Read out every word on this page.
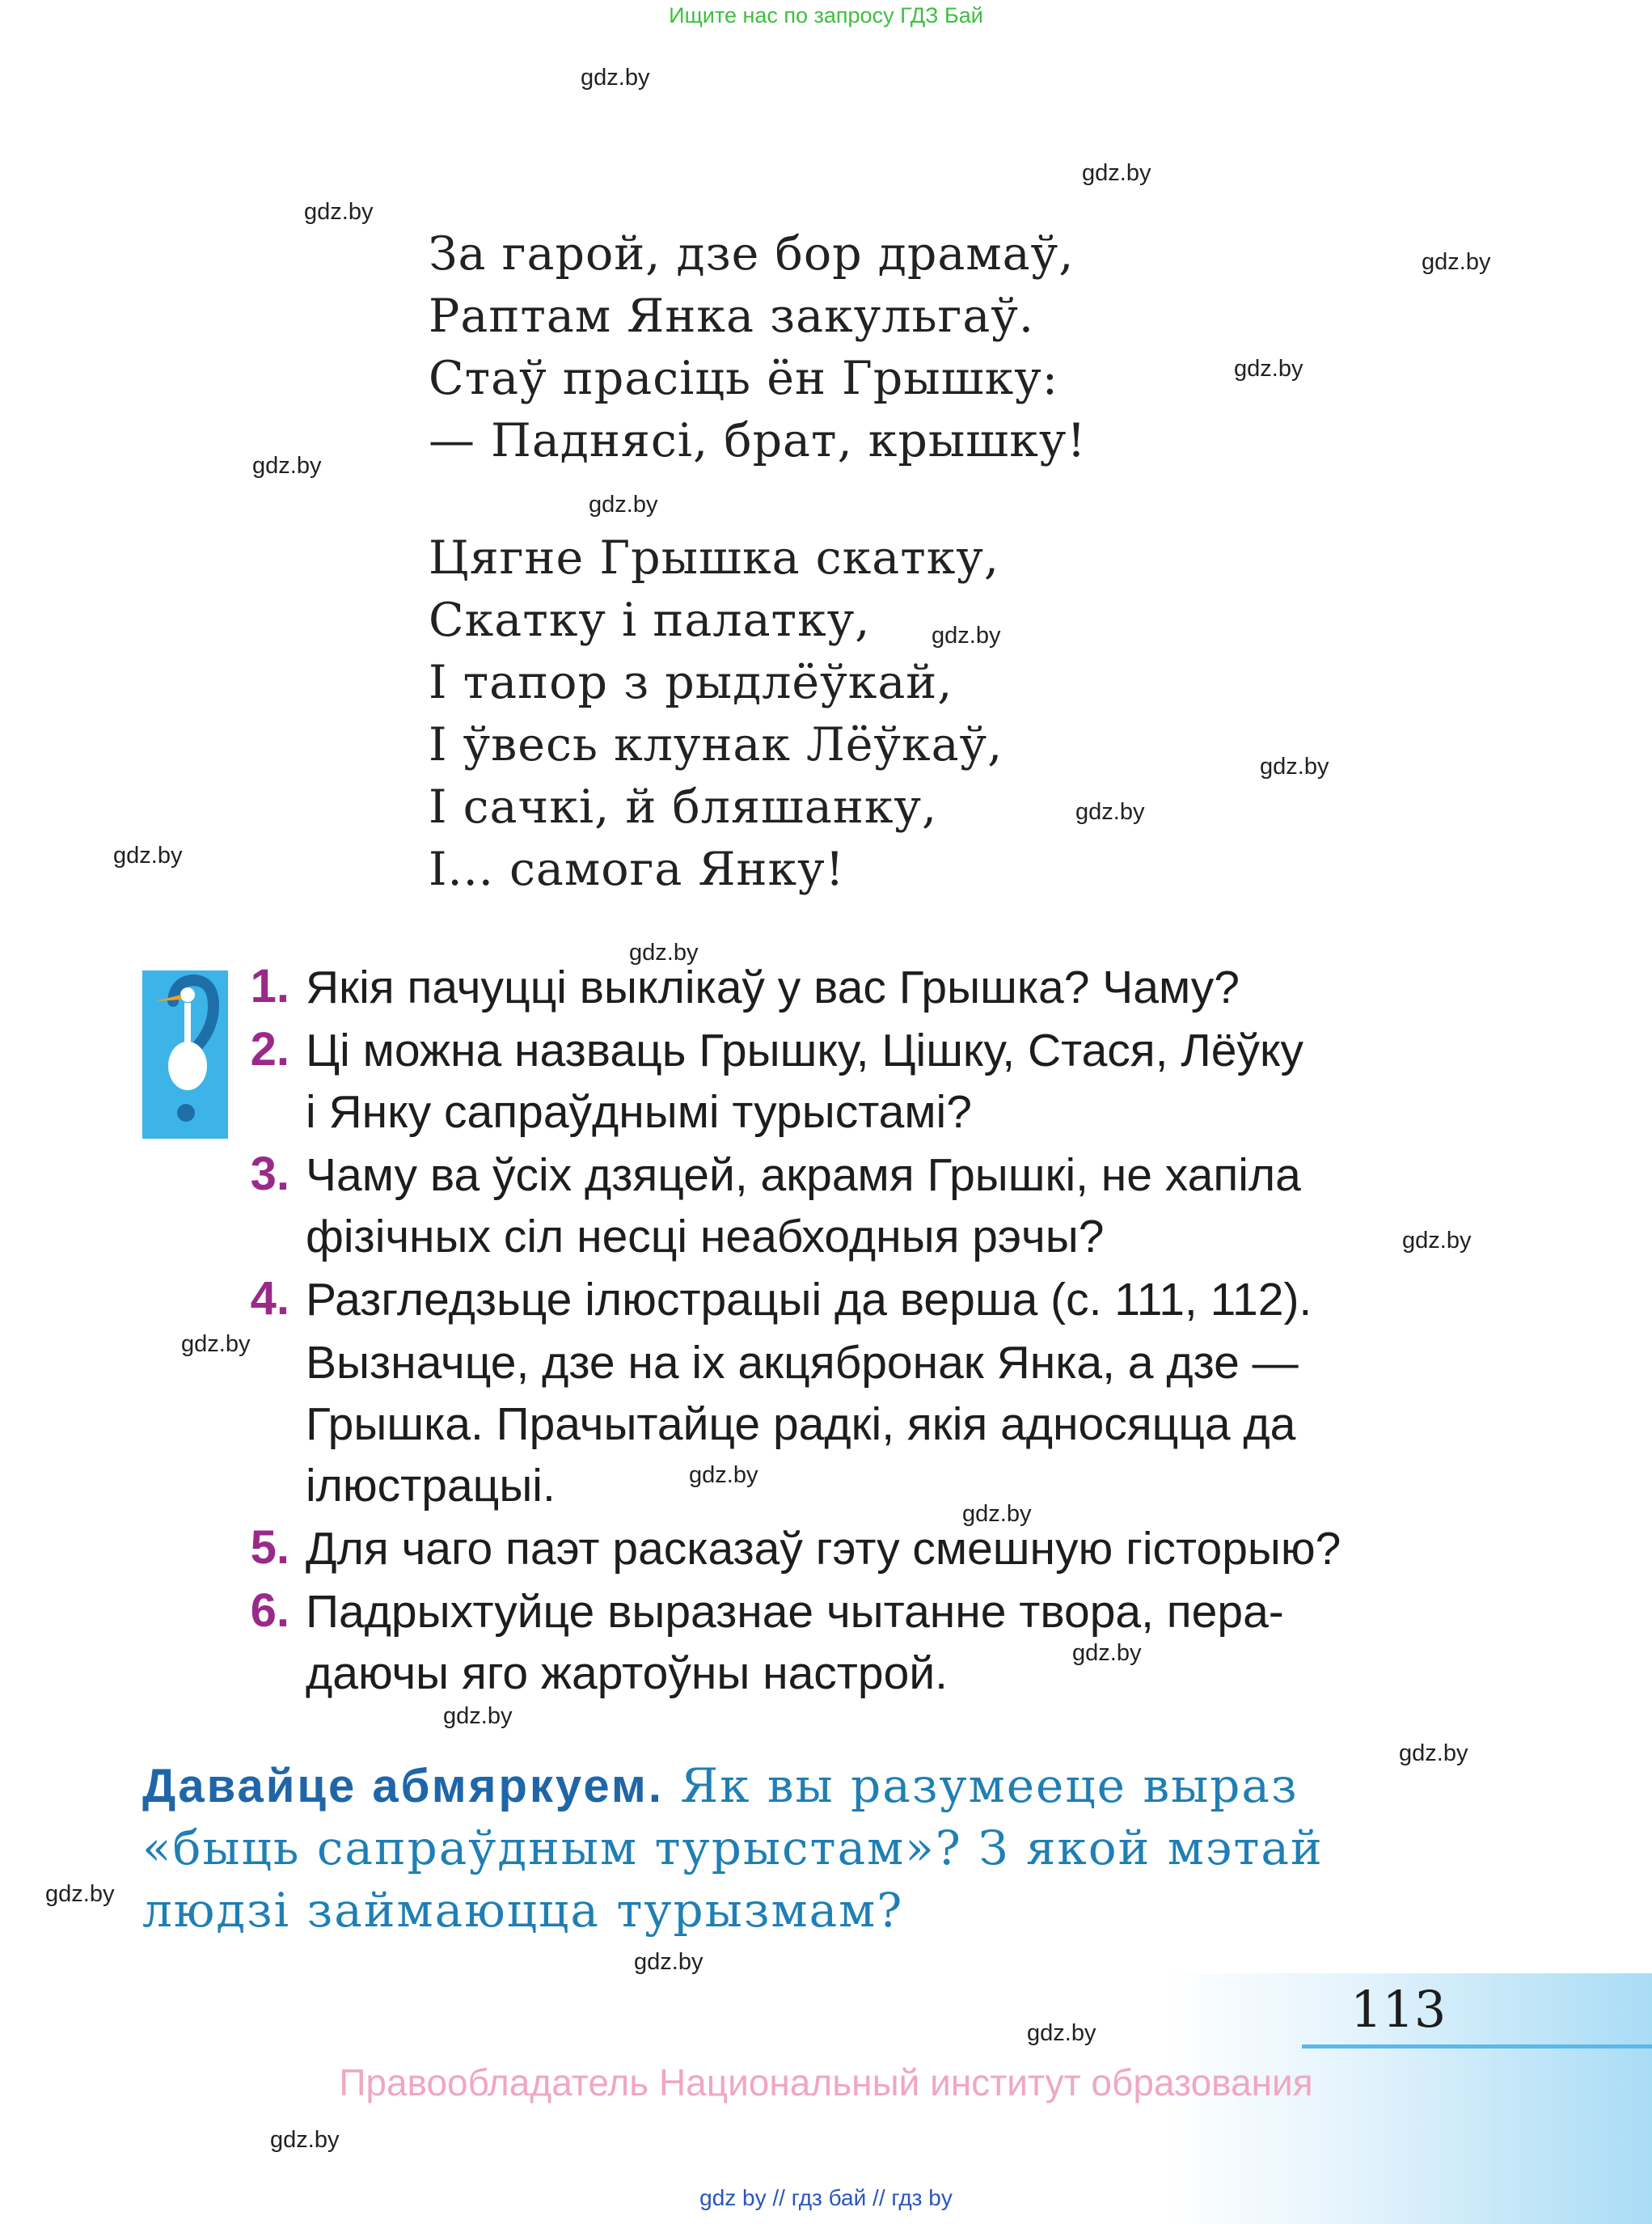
Ищите нас по запросу ГДЗ Бай
gdz.by
gdz.by
gdz.by
gdz.by
gdz.by
gdz.by
gdz.by
gdz.by
gdz.by
gdz.by
gdz.by
gdz.by
gdz.by
gdz.by
gdz.by
gdz.by
gdz.by
gdz.by
gdz.by
gdz.by
gdz.by
gdz.by
gdz.by
За гарой, дзе бор драмаў,
Раптам Янка закульгаў.
Стаў прасіць ён Грышку:
— Паднясі, брат, крышку!
Цягне Грышка скатку,
Скатку і палатку,
І тапор з рыдлёўкай,
І ўвесь клунак Лёўкаў,
І сачкі, й бляшанку,
І... самога Янку!
1. Якія пачуцці выклікаў у вас Грышка? Чаму?
2. Ці можна назваць Грышку, Цішку, Стася, Лёўку
і Янку сапраўднымі турыстамі?
3. Чаму ва ўсіх дзяцей, акрамя Грышкі, не хапіла
фізічных сіл несці неабходныя рэчы?
4. Разгледзьце ілюстрацыі да верша (с. 111, 112).
Вызначце, дзе на іх акцябронак Янка, а дзе —
Грышка. Прачытайце радкі, якія адносяцца да
ілюстрацыі.
5. Для чаго паэт расказаў гэту смешную гісторыю?
6. Падрыхтуйце выразнае чытанне твора, пера-
даючы яго жартоўны настрой.
Давайце абмяркуем. Як вы разумееце выраз «быць сапраўдным турыстам»? З якой мэтай людзі займаюцца турызмам?
113
Правообладатель Национальный институт образования
gdz by // гдз бай // гдз by
